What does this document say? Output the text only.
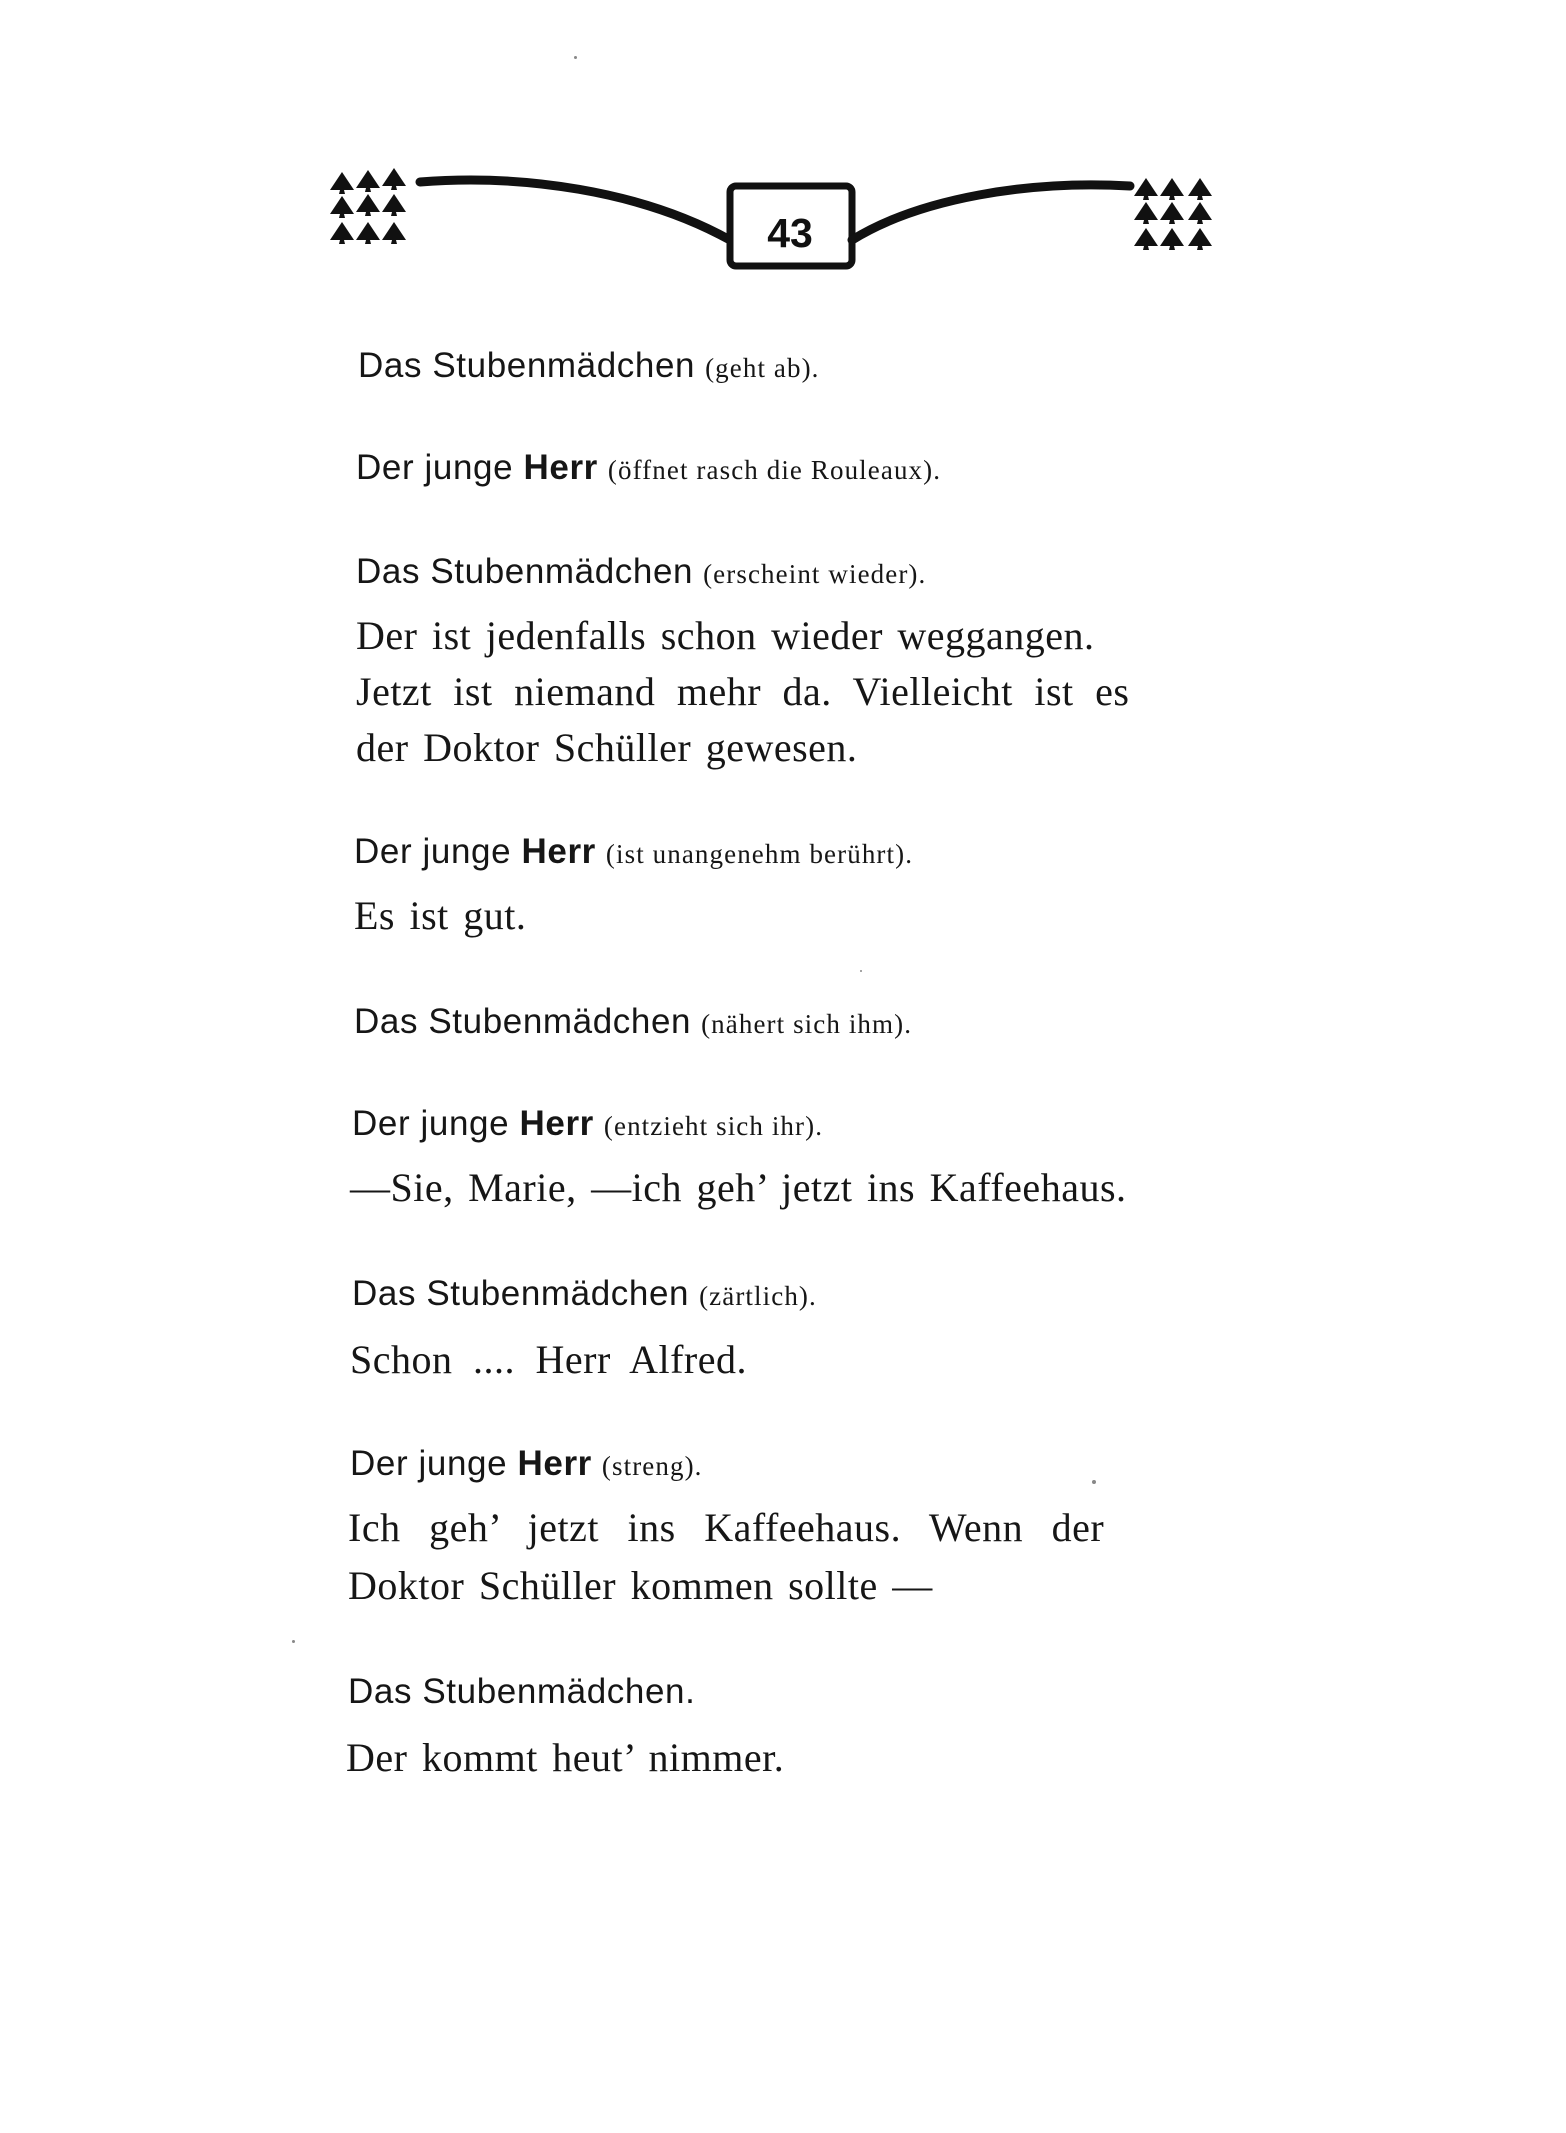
43
Das Stubenmädchen (geht ab).
Der junge Herr (öffnet rasch die Rouleaux).
Das Stubenmädchen (erscheint wieder).
Der ist jedenfalls schon wieder weggangen.
Jetzt ist niemand mehr da. Vielleicht ist es
der Doktor Schüller gewesen.
Der junge Herr (ist unangenehm berührt).
Es ist gut.
Das Stubenmädchen (nähert sich ihm).
Der junge Herr (entzieht sich ihr).
—Sie, Marie, —ich geh’ jetzt ins Kaffeehaus.
Das Stubenmädchen (zärtlich).
Schon .... Herr Alfred.
Der junge Herr (streng).
Ich geh’ jetzt ins Kaffeehaus. Wenn der
Doktor Schüller kommen sollte —
Das Stubenmädchen.
Der kommt heut’ nimmer.
